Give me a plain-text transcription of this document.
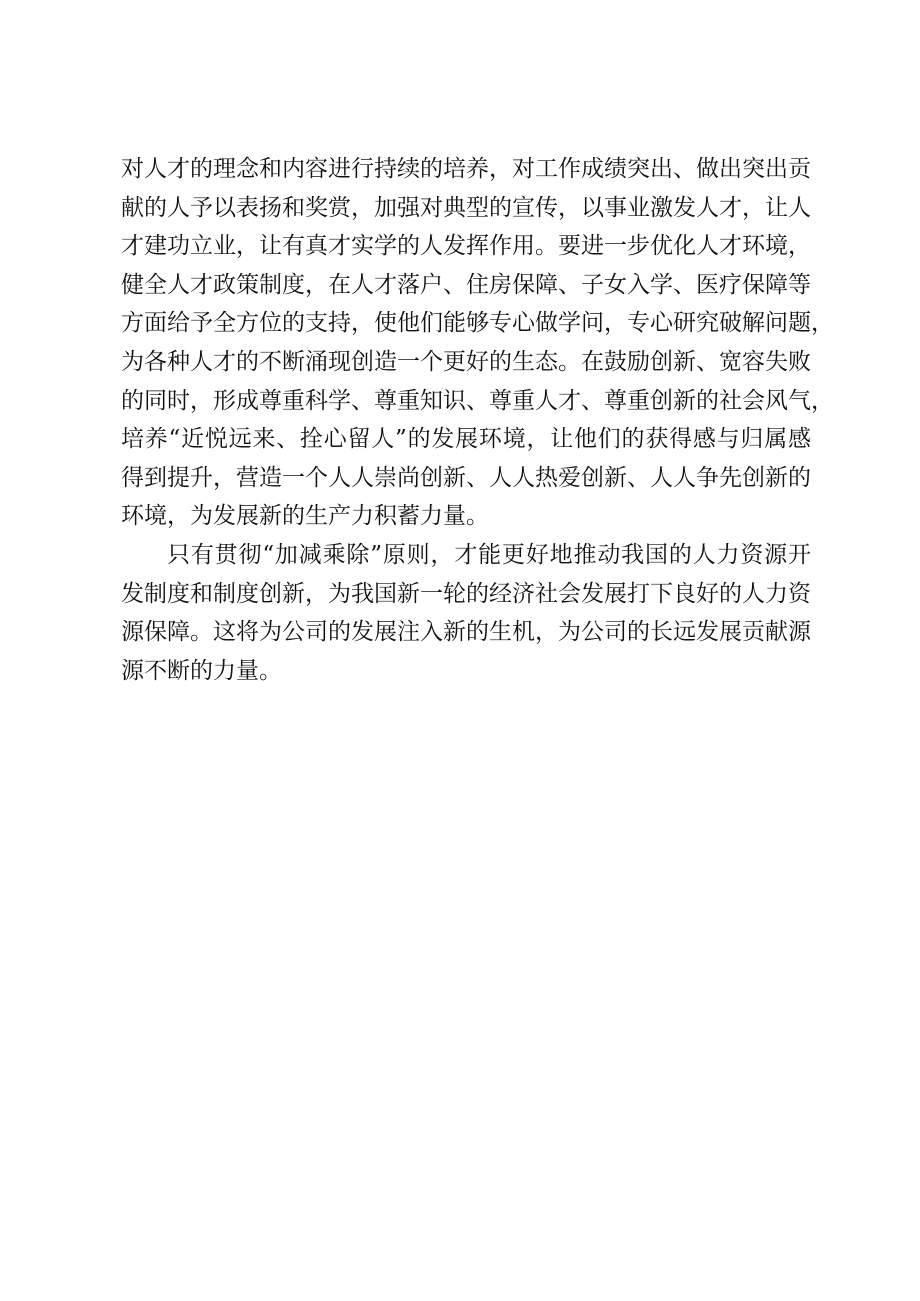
对人才的理念和内容进行持续的培养，对工作成绩突出、做出突出贡
献的人予以表扬和奖赏，加强对典型的宣传，以事业激发人才，让人
才建功立业，让有真才实学的人发挥作用。要进一步优化人才环境，
健全人才政策制度，在人才落户、住房保障、子女入学、医疗保障等
方面给予全方位的支持，使他们能够专心做学问，专心研究破解问题，
为各种人才的不断涌现创造一个更好的生态。在鼓励创新、宽容失败
的同时，形成尊重科学、尊重知识、尊重人才、尊重创新的社会风气，
培养“近悦远来、拴心留人”的发展环境，让他们的获得感与归属感
得到提升，营造一个人人崇尚创新、人人热爱创新、人人争先创新的
环境，为发展新的生产力积蓄力量。
只有贯彻“加减乘除”原则，才能更好地推动我国的人力资源开
发制度和制度创新，为我国新一轮的经济社会发展打下良好的人力资
源保障。这将为公司的发展注入新的生机，为公司的长远发展贡献源
源不断的力量。
